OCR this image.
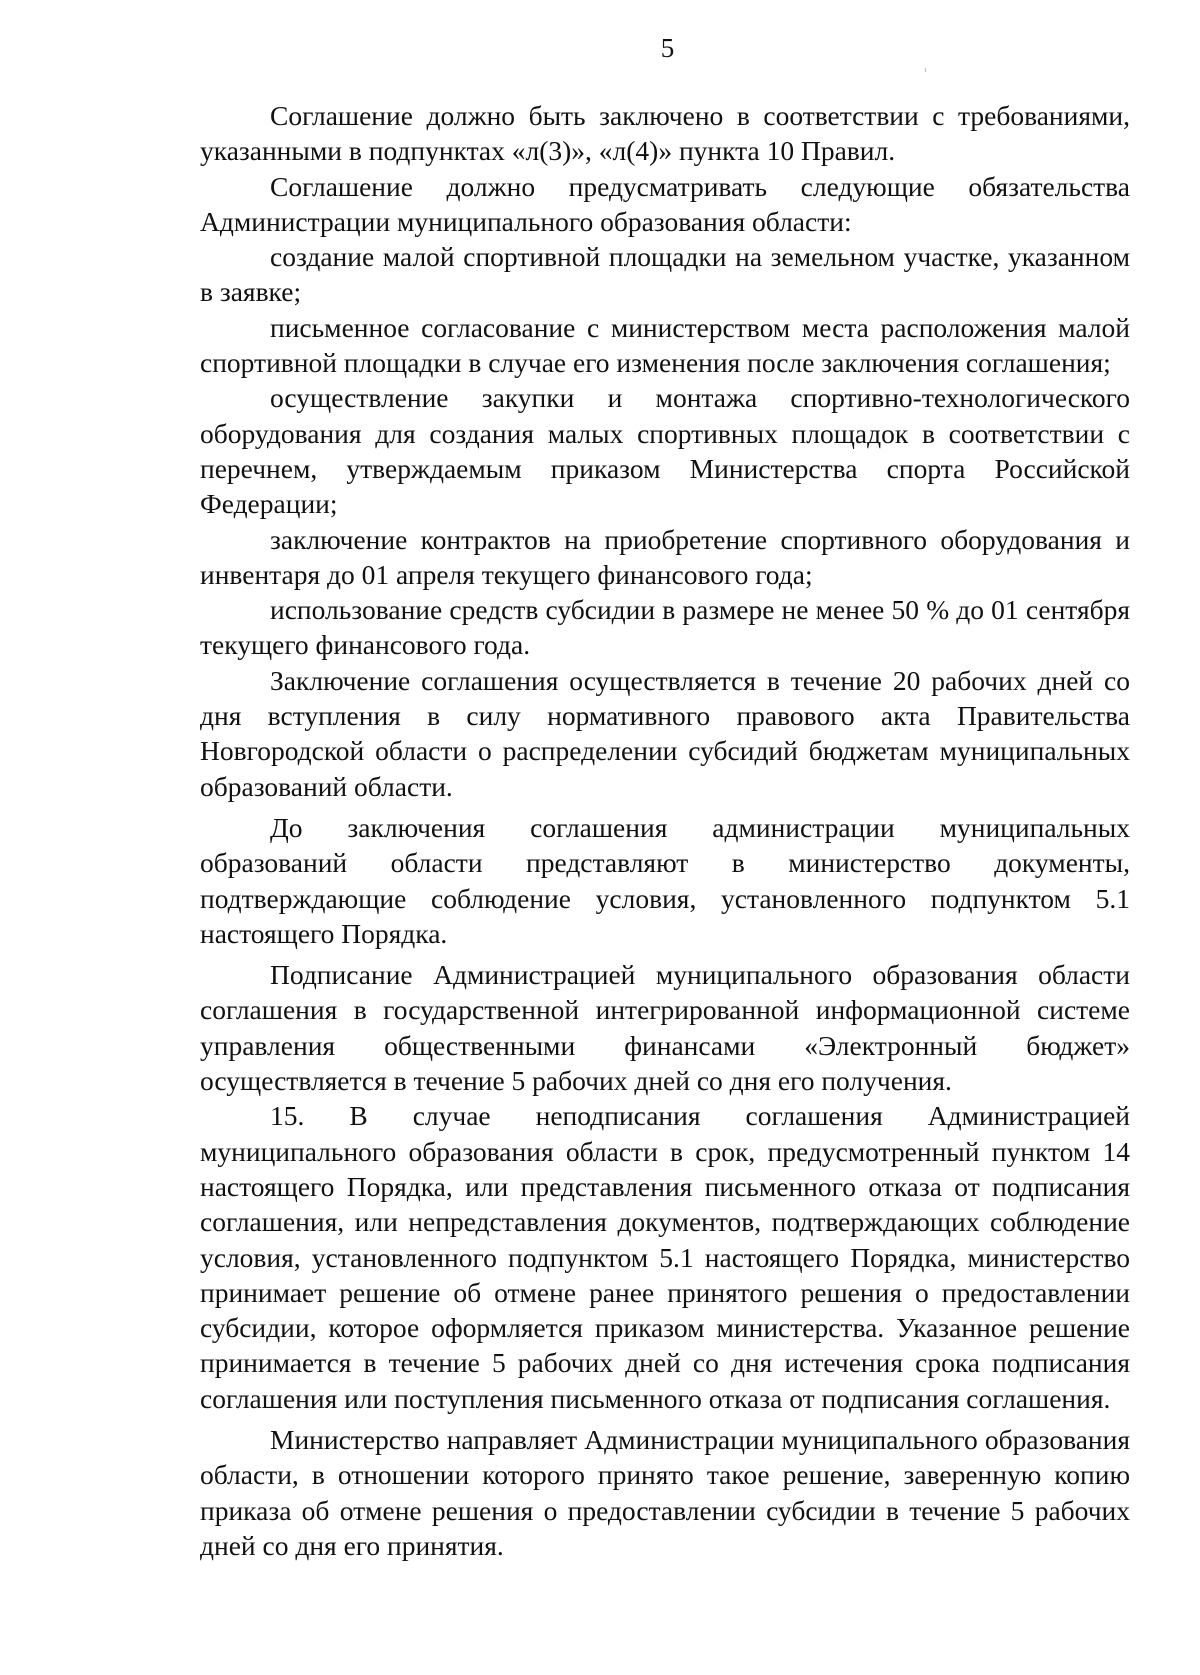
5

Соглашение должно быть заключено в соответствии с требованиями, указанными в подпунктах «л(3)», «л(4)» пункта 10 Правил.

Соглашение должно предусматривать следующие обязательства Администрации муниципального образования области:

создание малой спортивной площадки на земельном участке, указанном в заявке;

письменное согласование с министерством места расположения малой спортивной площадки в случае его изменения после заключения соглашения;

осуществление закупки и монтажа спортивно-технологического оборудования для создания малых спортивных площадок в соответствии с перечнем, утверждаемым приказом Министерства спорта Российской Федерации;

заключение контрактов на приобретение спортивного оборудования и инвентаря до 01 апреля текущего финансового года;

использование средств субсидии в размере не менее 50 % до 01 сентября текущего финансового года.

Заключение соглашения осуществляется в течение 20 рабочих дней со дня вступления в силу нормативного правового акта Правительства Новгородской области о распределении субсидий бюджетам муниципальных образований области.

До заключения соглашения администрации муниципальных образований области представляют в министерство документы, подтверждающие соблюдение условия, установленного подпунктом 5.1 настоящего Порядка.

Подписание Администрацией муниципального образования области соглашения в государственной интегрированной информационной системе управления общественными финансами «Электронный бюджет» осуществляется в течение 5 рабочих дней со дня его получения.

15. В случае неподписания соглашения Администрацией муниципального образования области в срок, предусмотренный пунктом 14 настоящего Порядка, или представления письменного отказа от подписания соглашения, или непредставления документов, подтверждающих соблюдение условия, установленного подпунктом 5.1 настоящего Порядка, министерство принимает решение об отмене ранее принятого решения о предоставлении субсидии, которое оформляется приказом министерства. Указанное решение принимается в течение 5 рабочих дней со дня истечения срока подписания соглашения или поступления письменного отказа от подписания соглашения.

Министерство направляет Администрации муниципального образования области, в отношении которого принято такое решение, заверенную копию приказа об отмене решения о предоставлении субсидии в течение 5 рабочих дней со дня его принятия.
